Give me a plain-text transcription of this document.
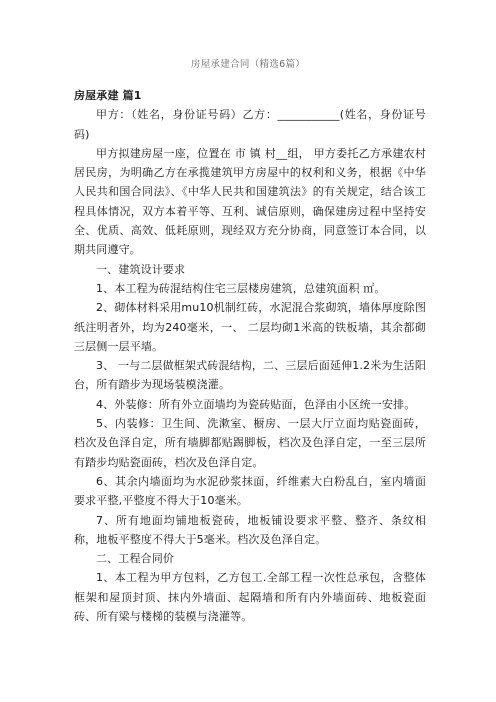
房屋承建合同（精选6篇）

房屋承建 篇1

甲方：（姓名，身份证号码）乙方：___________(姓名，身份证号码)

甲方拟建房屋一座，位置在 市 镇 村__组， 甲方委托乙方承建农村居民房，为明确乙方在承揽建筑甲方房屋中的权利和义务，根据《中华人民共和国合同法》、《中华人民共和国建筑法》的有关规定，结合该工程具体情况，双方本着平等、互利、诚信原则，确保建房过程中坚持安全、优质、高效、低耗原则，现经双方充分协商，同意签订本合同，以期共同遵守。

一、建筑设计要求

1、本工程为砖混结构住宅三层楼房建筑，总建筑面积 ㎡。

2、砌体材料采用mu10机制红砖，水泥混合浆砌筑，墙体厚度除图纸注明者外，均为240毫米，一、 二层均砌1米高的铁板墙，其余都砌三层侧一层平墙。

3、 一与二层做框架式砖混结构，二、三层后面延伸1.2米为生活阳台，所有踏步为现场装模浇灌。

4、外装修：所有外立面墙均为瓷砖贴面，色泽由小区统一安排。

5、内装修：卫生间、洗漱室、橱房、一层大厅立面均贴瓷面砖，档次及色泽自定，所有墙脚都贴踢脚板，档次及色泽自定，一至三层所有踏步均贴瓷面砖，档次及色泽自定。

6、其余内墙面均为水泥砂浆抹面，纤维素大白粉乱白，室内墙面要求平整,平整度不得大于10毫米。

7、所有地面均铺地板瓷砖，地板铺设要求平整、整齐、条纹相称，地板平整度不得大于5毫米。档次及色泽自定。

二、工程合同价

1、本工程为甲方包料，乙方包工.全部工程一次性总承包，含整体框架和屋顶封顶、抹内外墙面、起隔墙和所有内外墙面砖、地板瓷面砖、所有梁与楼梯的装模与浇灌等。
